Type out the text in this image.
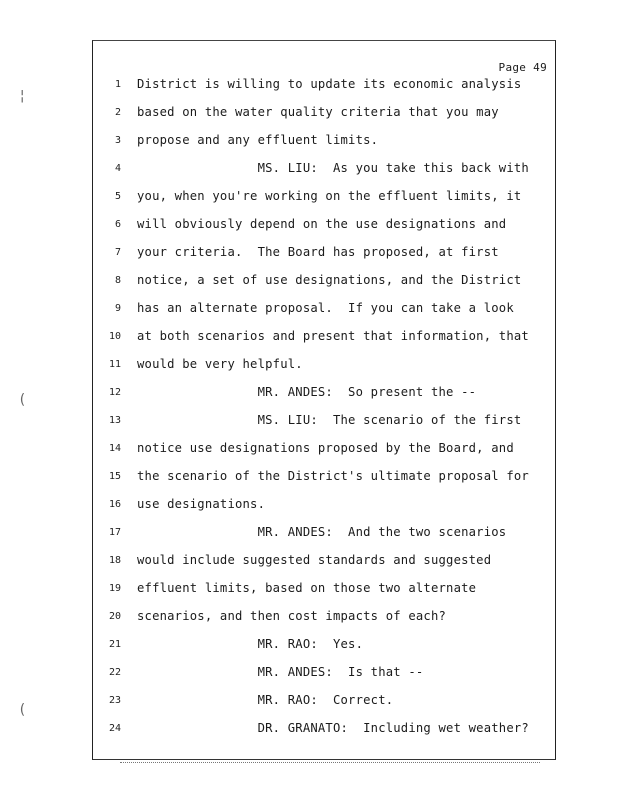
¦
(
(
Page 49
1 District is willing to update its economic analysis
2 based on the water quality criteria that you may
3 propose and any effluent limits.
4 MS. LIU:  As you take this back with
5 you, when you're working on the effluent limits, it
6 will obviously depend on the use designations and
7 your criteria.  The Board has proposed, at first
8 notice, a set of use designations, and the District
9 has an alternate proposal.  If you can take a look
10 at both scenarios and present that information, that
11 would be very helpful.
12 MR. ANDES:  So present the --
13 MS. LIU:  The scenario of the first
14 notice use designations proposed by the Board, and
15 the scenario of the District's ultimate proposal for
16 use designations.
17 MR. ANDES:  And the two scenarios
18 would include suggested standards and suggested
19 effluent limits, based on those two alternate
20 scenarios, and then cost impacts of each?
21 MR. RAO:  Yes.
22 MR. ANDES:  Is that --
23 MR. RAO:  Correct.
24 DR. GRANATO:  Including wet weather?
